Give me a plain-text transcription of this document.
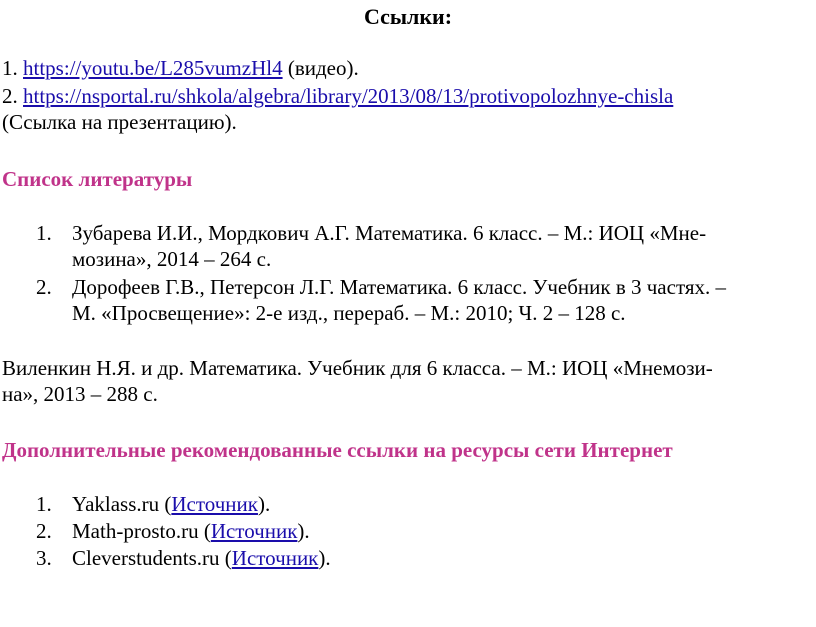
Ссылки:
1. https://youtu.be/L285vumzHl4 (видео).
2. https://nsportal.ru/shkola/algebra/library/2013/08/13/protivopolozhnye-chisla
(Ссылка на презентацию).
Список литературы
1. Зубарева И.И., Мордкович А.Г. Математика. 6 класс. – М.: ИОЦ «Мне-
мозина», 2014 – 264 с.
2. Дорофеев Г.В., Петерсон Л.Г. Математика. 6 класс. Учебник в 3 частях. –
М. «Просвещение»: 2-е изд., перераб. – М.: 2010; Ч. 2 – 128 с.
Виленкин Н.Я. и др. Математика. Учебник для 6 класса. – М.: ИОЦ «Мнемози-
на», 2013 – 288 с.
Дополнительные рекомендованные ссылки на ресурсы сети Интернет
1. Yaklass.ru (Источник).
2. Math-prosto.ru (Источник).
3. Cleverstudents.ru (Источник).
